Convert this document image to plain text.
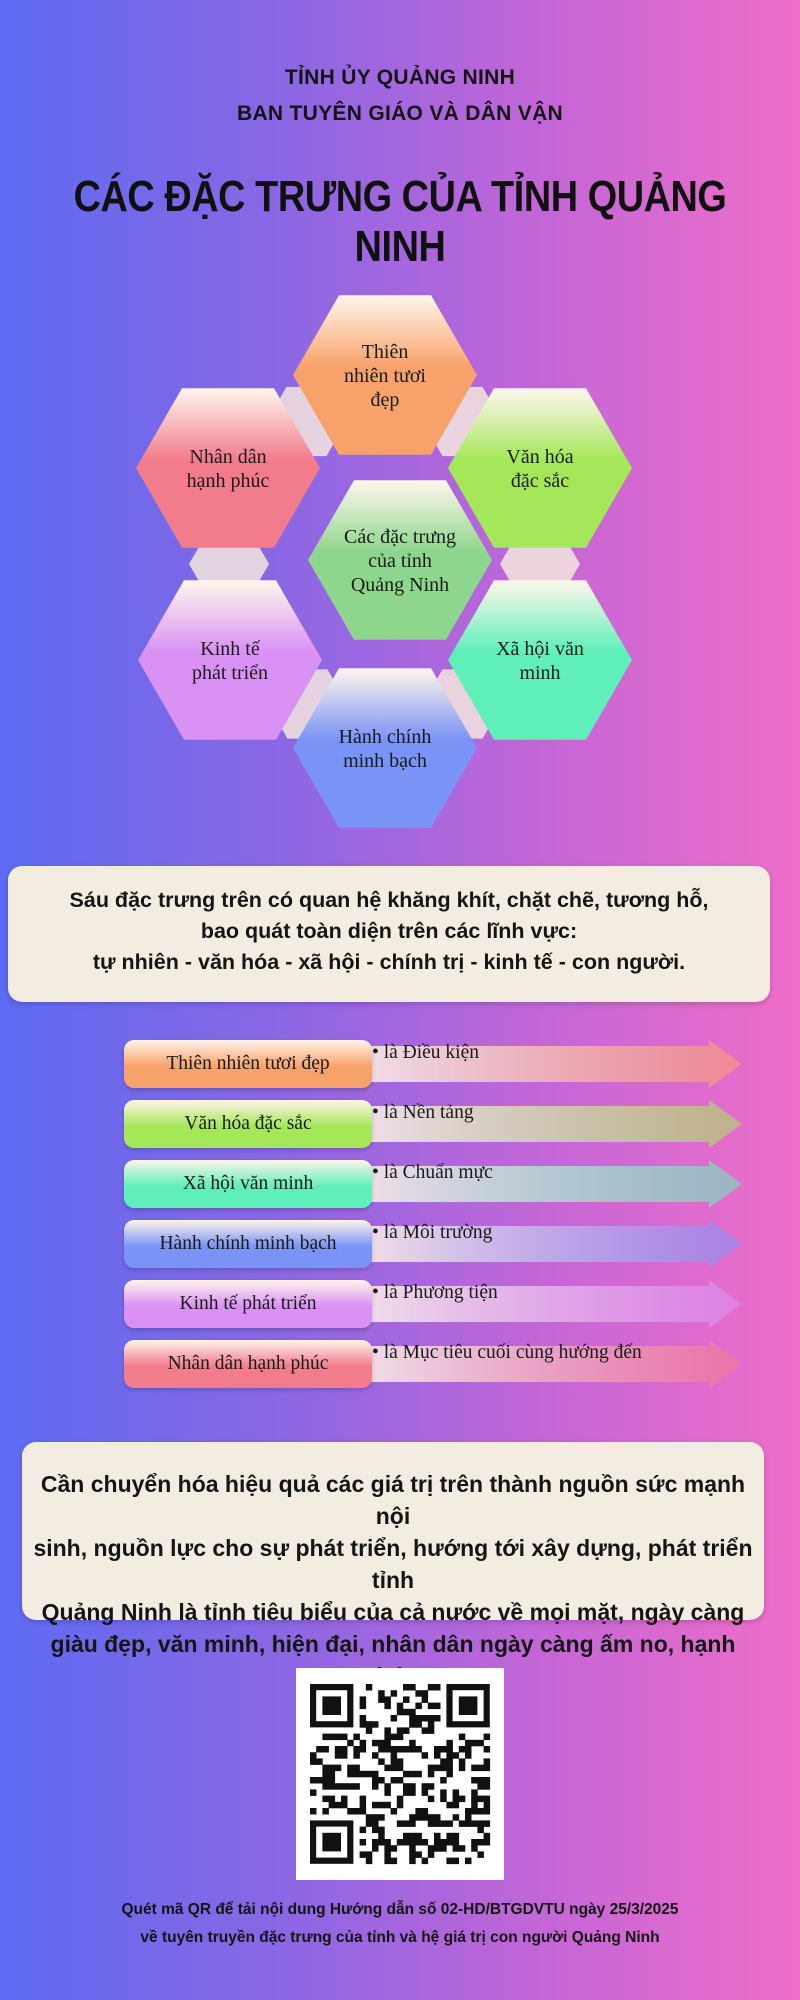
TỈNH ỦY QUẢNG NINH
BAN TUYÊN GIÁO VÀ DÂN VẬN
CÁC ĐẶC TRƯNG CỦA TỈNH QUẢNG NINH
Thiên
nhiên tươi
đẹp
Văn hóa
đặc sắc
Xã hội văn
minh
Hành chính
minh bạch
Kinh tế
phát triển
Nhân dân
hạnh phúc
Các đặc trưng
của tỉnh
Quảng Ninh
Sáu đặc trưng trên có quan hệ khăng khít, chặt chẽ, tương hỗ,
bao quát toàn diện trên các lĩnh vực:
tự nhiên - văn hóa - xã hội - chính trị - kinh tế - con người.
Thiên nhiên tươi đẹp
• là Điều kiện
Văn hóa đặc sắc
• là Nền tảng
Xã hội văn minh
• là Chuẩn mực
Hành chính minh bạch
• là Môi trường
Kinh tế phát triển
• là Phương tiện
Nhân dân hạnh phúc
• là Mục tiêu cuối cùng hướng đến
Cần chuyển hóa hiệu quả các giá trị trên thành nguồn sức mạnh nội
sinh, nguồn lực cho sự phát triển, hướng tới xây dựng, phát triển tỉnh
Quảng Ninh là tỉnh tiêu biểu của cả nước về mọi mặt, ngày càng
giàu đẹp, văn minh, hiện đại, nhân dân ngày càng ấm no, hạnh
Quét mã QR để tải nội dung Hướng dẫn số 02-HD/BTGDVTU ngày 25/3/2025
về tuyên truyền đặc trưng của tỉnh và hệ giá trị con người Quảng Ninh
